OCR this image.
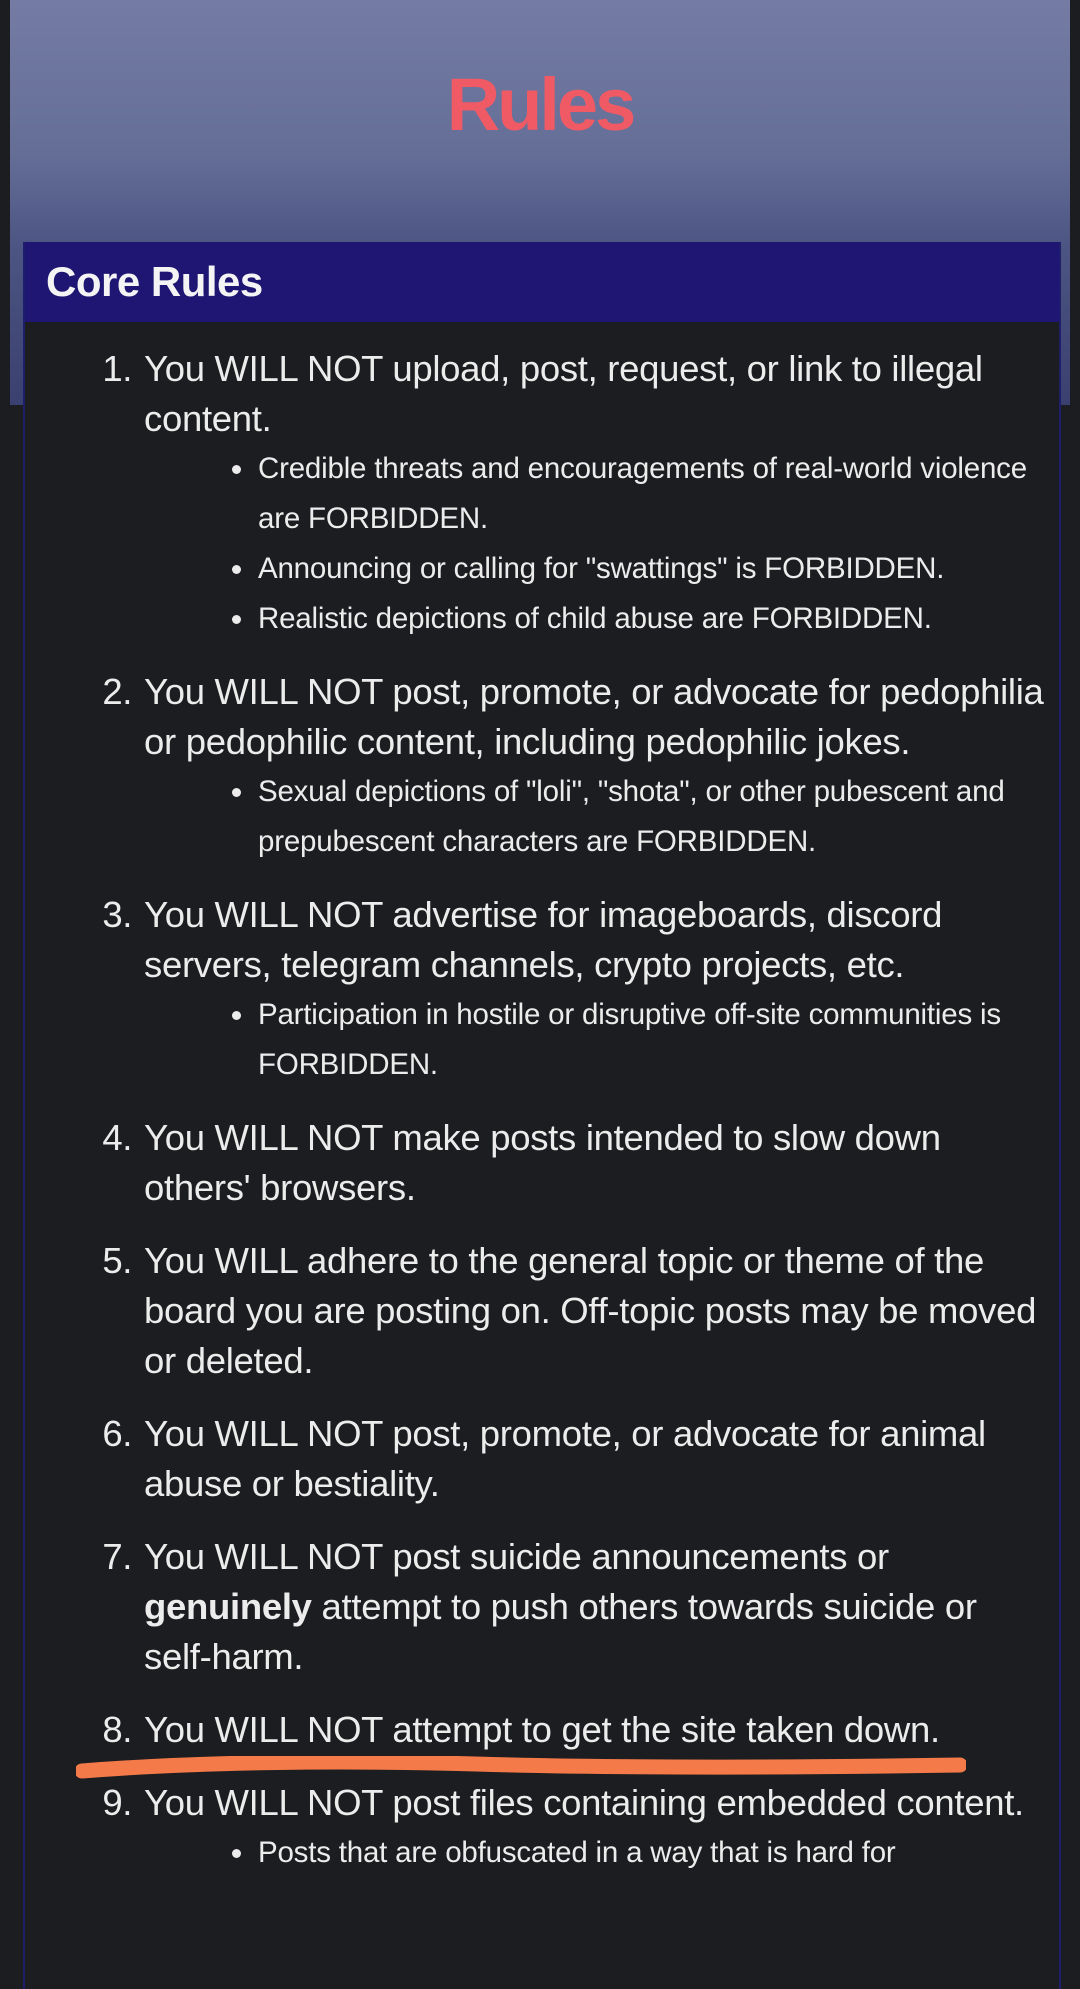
Rules
Core Rules
1. You WILL NOT upload, post, request, or link to illegal content.
• Credible threats and encouragements of real-world violence are FORBIDDEN.
• Announcing or calling for "swattings" is FORBIDDEN.
• Realistic depictions of child abuse are FORBIDDEN.
2. You WILL NOT post, promote, or advocate for pedophilia or pedophilic content, including pedophilic jokes.
• Sexual depictions of "loli", "shota", or other pubescent and prepubescent characters are FORBIDDEN.
3. You WILL NOT advertise for imageboards, discord servers, telegram channels, crypto projects, etc.
• Participation in hostile or disruptive off-site communities is FORBIDDEN.
4. You WILL NOT make posts intended to slow down others' browsers.
5. You WILL adhere to the general topic or theme of the board you are posting on. Off-topic posts may be moved or deleted.
6. You WILL NOT post, promote, or advocate for animal abuse or bestiality.
7. You WILL NOT post suicide announcements or genuinely attempt to push others towards suicide or self-harm.
8. You WILL NOT attempt to get the site taken down.
9. You WILL NOT post files containing embedded content.
• Posts that are obfuscated in a way that is hard for
